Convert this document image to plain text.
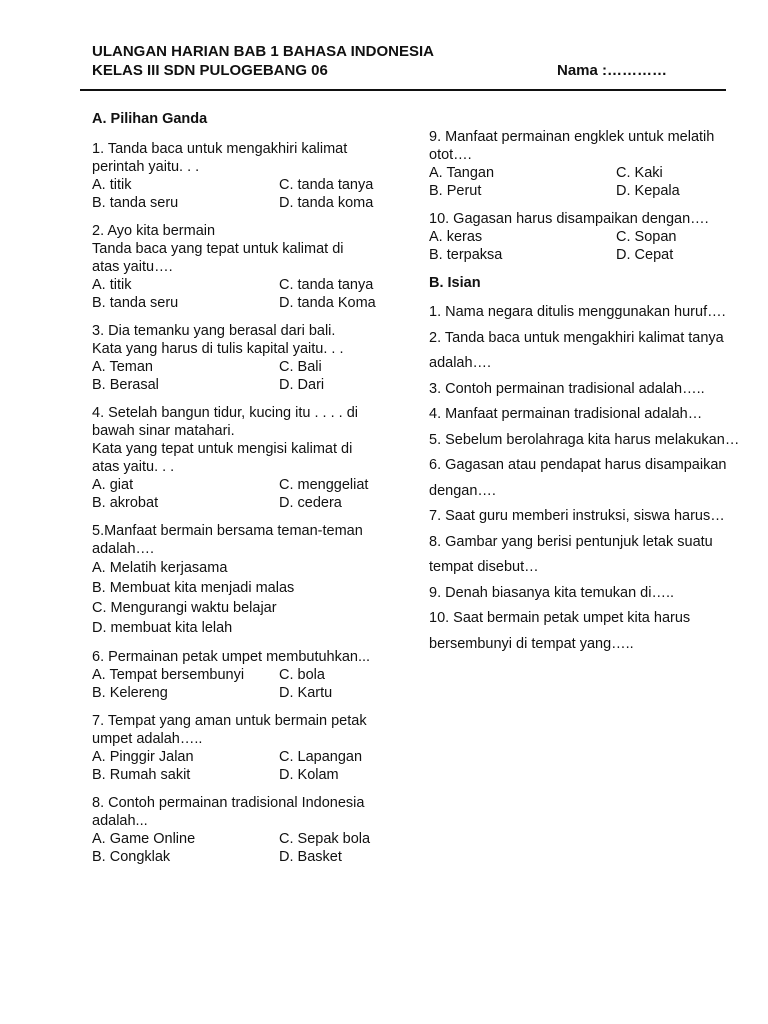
ULANGAN HARIAN BAB 1 BAHASA INDONESIA
KELAS III SDN PULOGEBANG 06	Nama :…………
A. Pilihan Ganda
1. Tanda baca untuk mengakhiri kalimat
perintah yaitu. . .
A. titik	C. tanda tanya
B. tanda seru	D. tanda koma
2. Ayo kita bermain
Tanda baca yang tepat untuk kalimat di
atas yaitu….
A. titik	C. tanda tanya
B. tanda seru	D. tanda Koma
3. Dia temanku yang berasal dari bali.
Kata yang harus di tulis kapital yaitu. . .
A. Teman	C. Bali
B. Berasal	D. Dari
4. Setelah bangun tidur, kucing itu . . . . di
bawah sinar matahari.
Kata yang tepat untuk mengisi kalimat di
atas yaitu. . .
A. giat	C. menggeliat
B. akrobat	D. cedera
5.Manfaat bermain bersama teman-teman
adalah….
A. Melatih kerjasama
B. Membuat kita menjadi malas
C. Mengurangi waktu belajar
D. membuat kita lelah
6. Permainan petak umpet membutuhkan...
A. Tempat bersembunyi	C. bola
B. Kelereng	D. Kartu
7. Tempat yang aman untuk bermain petak
umpet adalah…..
A. Pinggir Jalan	C. Lapangan
B. Rumah sakit	D. Kolam
8. Contoh permainan tradisional Indonesia
adalah...
A. Game Online	C. Sepak bola
B. Congklak	D. Basket
9. Manfaat permainan engklek untuk melatih
otot….
A. Tangan	C. Kaki
B. Perut	D. Kepala
10. Gagasan harus disampaikan dengan….
A. keras	C. Sopan
B. terpaksa	D. Cepat
B. Isian
1. Nama negara ditulis menggunakan huruf….
2. Tanda baca untuk mengakhiri kalimat tanya
adalah….
3. Contoh permainan tradisional adalah…..
4. Manfaat permainan tradisional adalah…
5. Sebelum berolahraga kita harus melakukan…
6. Gagasan atau pendapat harus disampaikan
dengan….
7. Saat guru memberi instruksi, siswa harus…
8. Gambar yang berisi pentunjuk letak suatu
tempat disebut…
9. Denah biasanya kita temukan di…..
10. Saat bermain petak umpet kita harus
bersembunyi di tempat yang…..
